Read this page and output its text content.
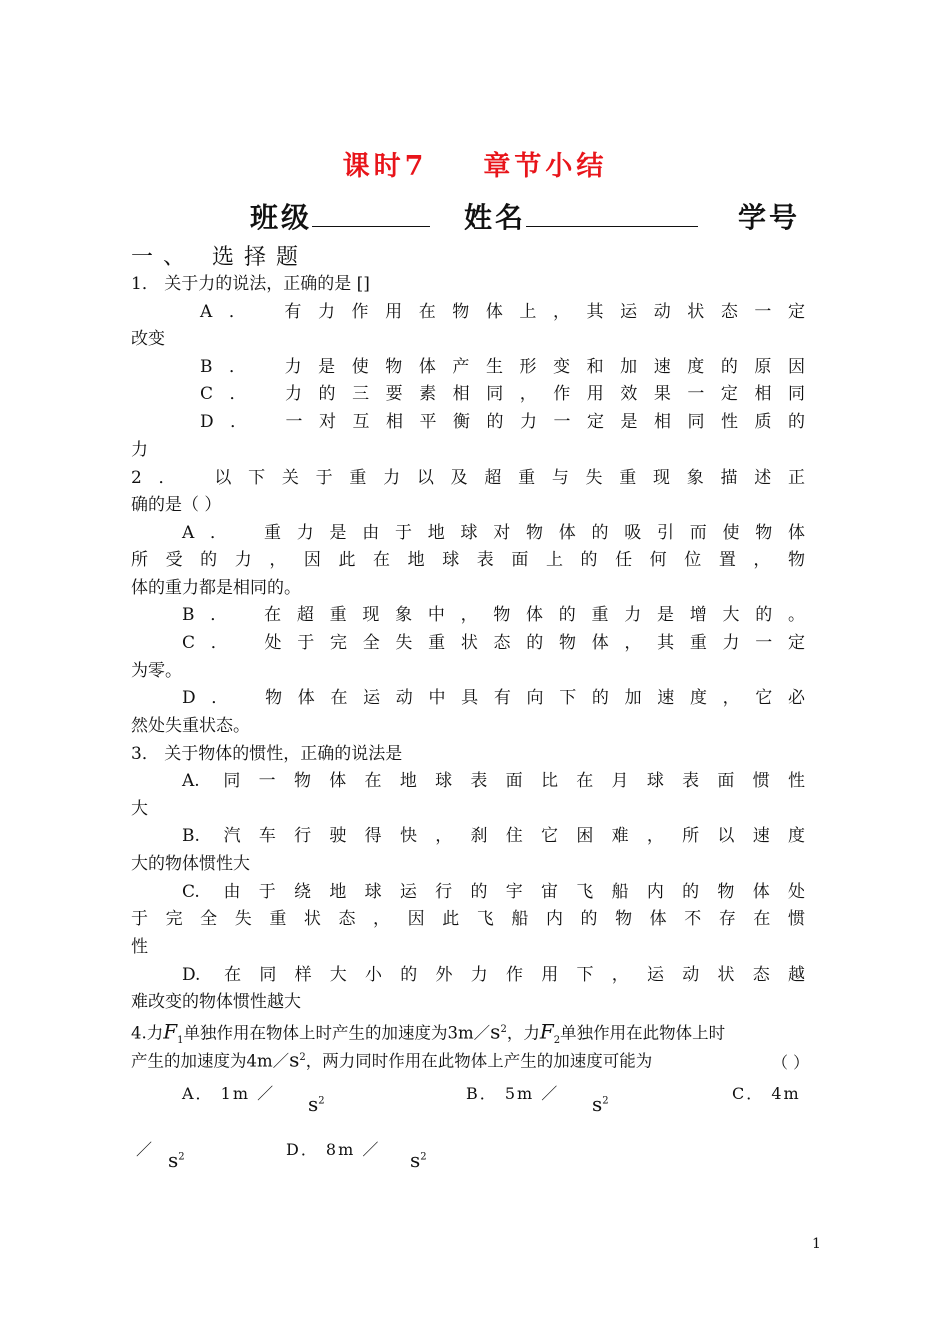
课时7 章节小结
班级	姓名	学号
一、 选择题
1． 关于力的说法，正确的是 []
A． 有力作用在物体上，其运动状态一定
改变
B． 力是使物体产生形变和加速度的原因
C． 力的三要素相同，作用效果一定相同
D． 一对互相平衡的力一定是相同性质的
力
2． 以下关于重力以及超重与失重现象描述正
确的是（ ）
A． 重力是由于地球对物体的吸引而使物体
所受的力，因此在地球表面上的任何位置，物
体的重力都是相同的。
B． 在超重现象中，物体的重力是增大的。
C． 处于完全失重状态的物体，其重力一定
为零。
D． 物体在运动中具有向下的加速度，它必
然处失重状态。
3． 关于物体的惯性，正确的说法是
A. 同一物体在地球表面比在月球表面惯性
大
B. 汽车行驶得快，刹住它困难，所以速度
大的物体惯性大
C. 由于绕地球运行的宇宙飞船内的物体处
于完全失重状态，因此飞船内的物体不存在惯
性
D. 在同样大小的外力作用下，运动状态越
难改变的物体惯性越大
4.力$F_1$单独作用在物体上时产生的加速度为$3m/s^2$，力$F_2$单独作用在此物体上时
产生的加速度为$4m/s^2$，两力同时作用在此物体上产生的加速度可能为	（ ）
A． 1m ／ $s^2$	B． 5m ／ $s^2$	C． 4m
／ $s^2$	D． 8m ／ $s^2$
1
